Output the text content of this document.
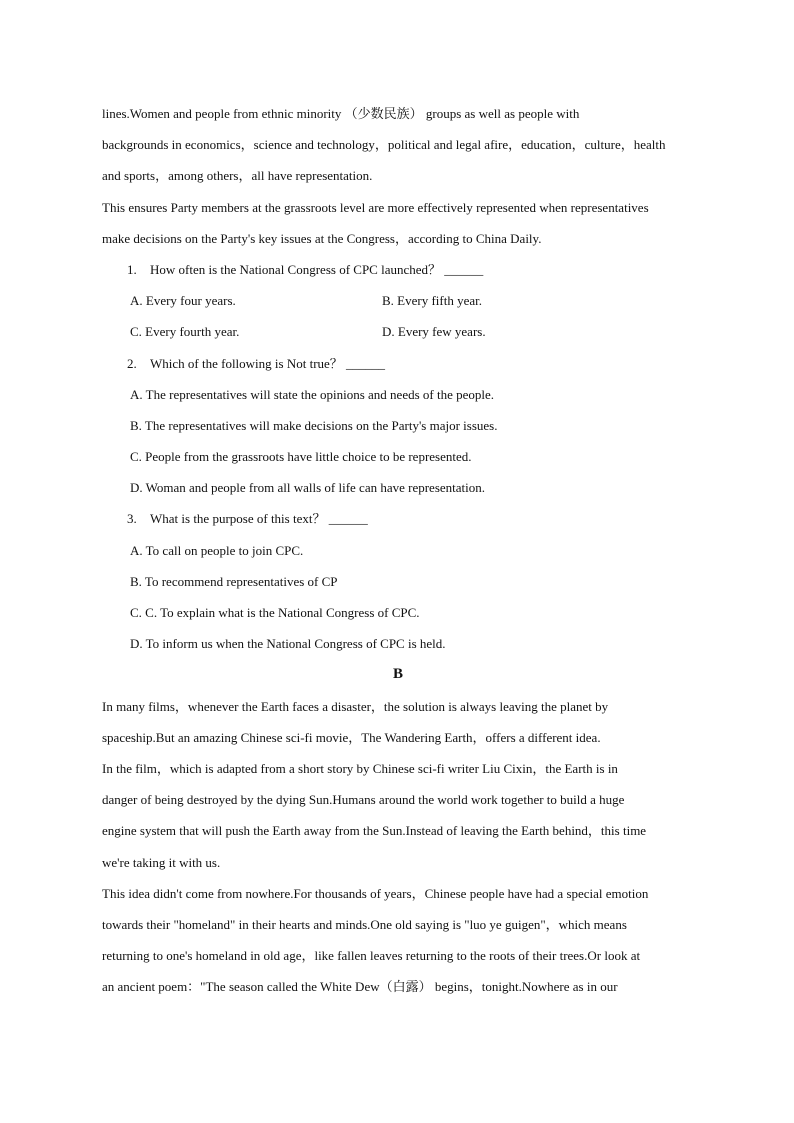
lines.Women and people from ethnic minority （少数民族） groups as well as people with
backgrounds in economics，science and technology，political and legal afire，education，culture，health
and sports，among others，all have representation.
This ensures Party members at the grassroots level are more effectively represented when representatives
make decisions on the Party's key issues at the Congress，according to China Daily.
1. How often is the National Congress of CPC launched？ ______
A. Every four years.	B. Every fifth year.
C. Every fourth year.	D. Every few years.
2. Which of the following is Not true？ ______
A. The representatives will state the opinions and needs of the people.
B. The representatives will make decisions on the Party's major issues.
C. People from the grassroots have little choice to be represented.
D. Woman and people from all walls of life can have representation.
3. What is the purpose of this text？ ______
A. To call on people to join CPC.
B. To recommend representatives of CP
C. C. To explain what is the National Congress of CPC.
D. To inform us when the National Congress of CPC is held.
B
In many films，whenever the Earth faces a disaster，the solution is always leaving the planet by
spaceship.But an amazing Chinese sci-fi movie，The Wandering Earth，offers a different idea.
In the film，which is adapted from a short story by Chinese sci-fi writer Liu Cixin，the Earth is in
danger of being destroyed by the dying Sun.Humans around the world work together to build a huge
engine system that will push the Earth away from the Sun.Instead of leaving the Earth behind，this time
we're taking it with us.
This idea didn't come from nowhere.For thousands of years，Chinese people have had a special emotion
towards their "homeland" in their hearts and minds.One old saying is "luo ye guigen"，which means
returning to one's homeland in old age，like fallen leaves returning to the roots of their trees.Or look at
an ancient poem："The season called the White Dew（白露） begins，tonight.Nowhere as in our
